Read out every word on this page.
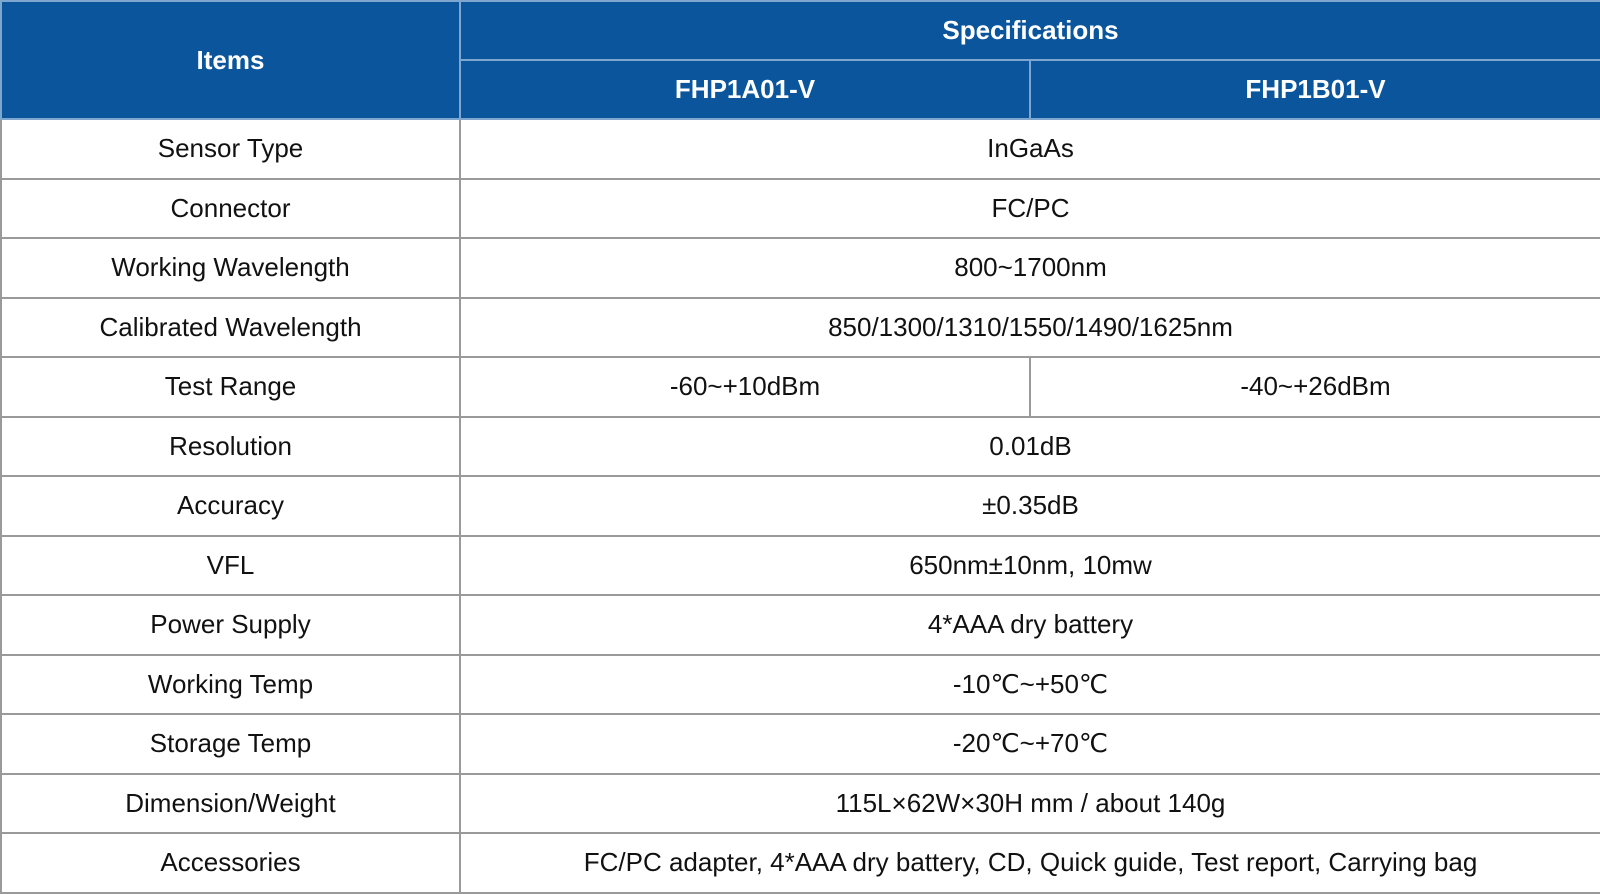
Items	Specifications	
	FHP1A01-V	FHP1B01-V
Sensor Type	InGaAs	
Connector	FC/PC	
Working Wavelength	800~1700nm	
Calibrated Wavelength	850/1300/1310/1550/1490/1625nm	
Test Range	-60~+10dBm	-40~+26dBm
Resolution	0.01dB	
Accuracy	±0.35dB	
VFL	650nm±10nm, 10mw	
Power Supply	4*AAA dry battery	
Working Temp	-10℃~+50℃	
Storage Temp	-20℃~+70℃	
Dimension/Weight	115L×62W×30H mm / about 140g	
Accessories	FC/PC adapter, 4*AAA dry battery, CD, Quick guide, Test report, Carrying bag	
